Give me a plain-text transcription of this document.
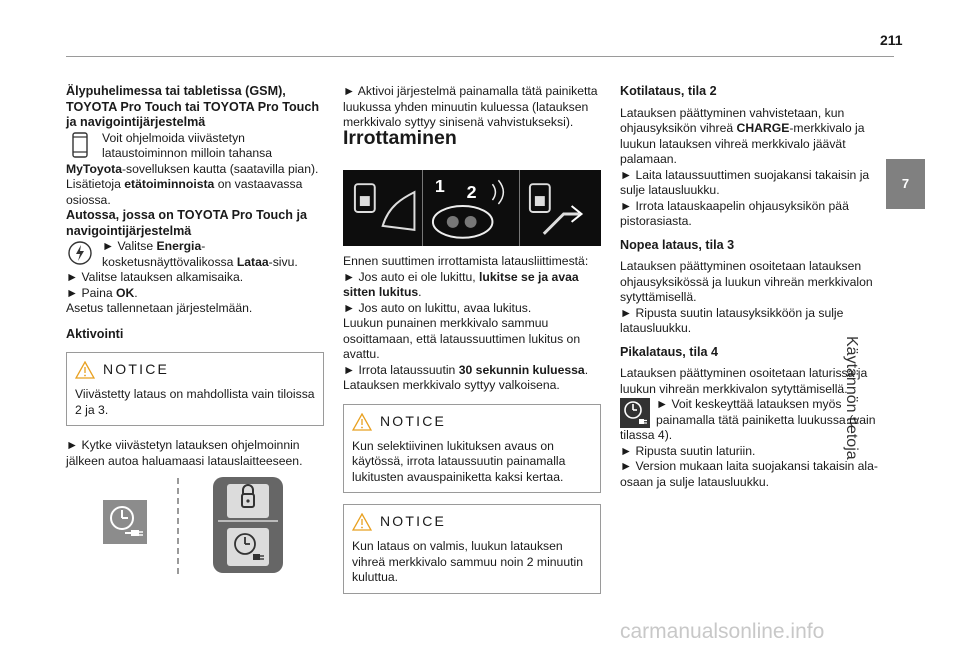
211
7
Käytännön tietoja

Älypuhelimessa tai tabletissa (GSM), TOYOTA Pro Touch tai TOYOTA Pro Touch ja navigointijärjestelmä

Voit ohjelmoida viivästetyn lataustoiminnon milloin tahansa

MyToyota-sovelluksen kautta (saatavilla pian).

Lisätietoja etätoiminnoista on vastaavassa osiossa.

Autossa, jossa on TOYOTA Pro Touch ja navigointijärjestelmä

► Valitse Energia-kosketusnäyttövalikossa Lataa-sivu.

► Valitse latauksen alkamisaika.

► Paina OK.

Asetus tallennetaan järjestelmään.

Aktivointi

NOTICE

Viivästetty lataus on mahdollista vain tiloissa 2 ja 3.

► Kytke viivästetyn latauksen ohjelmoinnin jälkeen autoa haluamaasi latauslaitteeseen.

► Aktivoi järjestelmä painamalla tätä painiketta luukussa yhden minuutin kuluessa (latauksen merkkivalo syttyy sinisenä vahvistukseksi).

Irrottaminen

1 2

Ennen suuttimen irrottamista latausliittimestä:

► Jos auto ei ole lukittu, lukitse se ja avaa sitten lukitus.

► Jos auto on lukittu, avaa lukitus.

Luukun punainen merkkivalo sammuu osoittamaan, että lataussuuttimen lukitus on avattu.

► Irrota lataussuutin 30 sekunnin kuluessa.

Latauksen merkkivalo syttyy valkoisena.

NOTICE

Kun selektiivinen lukituksen avaus on käytössä, irrota lataussuutin painamalla lukitusten avauspainiketta kaksi kertaa.

NOTICE

Kun lataus on valmis, luukun latauksen vihreä merkkivalo sammuu noin 2 minuutin kuluttua.

Kotilataus, tila 2

Latauksen päättyminen vahvistetaan, kun ohjausyksikön vihreä CHARGE-merkkivalo ja luukun latauksen vihreä merkkivalo jäävät palamaan.

► Laita lataussuuttimen suojakansi takaisin ja sulje latausluukku.

► Irrota latauskaapelin ohjausyksikön pää pistorasiasta.

Nopea lataus, tila 3

Latauksen päättyminen osoitetaan latauksen ohjausyksikössä ja luukun vihreän merkkivalon sytyttämisellä.

► Ripusta suutin latausyksikköön ja sulje latausluukku.

Pikalataus, tila 4

Latauksen päättyminen osoitetaan laturissa ja luukun vihreän merkkivalon sytyttämisellä.

► Voit keskeyttää latauksen myös painamalla tätä painiketta luukussa (vain tilassa 4).

► Ripusta suutin laturiin.

► Version mukaan laita suojakansi takaisin ala-osaan ja sulje latausluukku.

carmanualsonline.info
